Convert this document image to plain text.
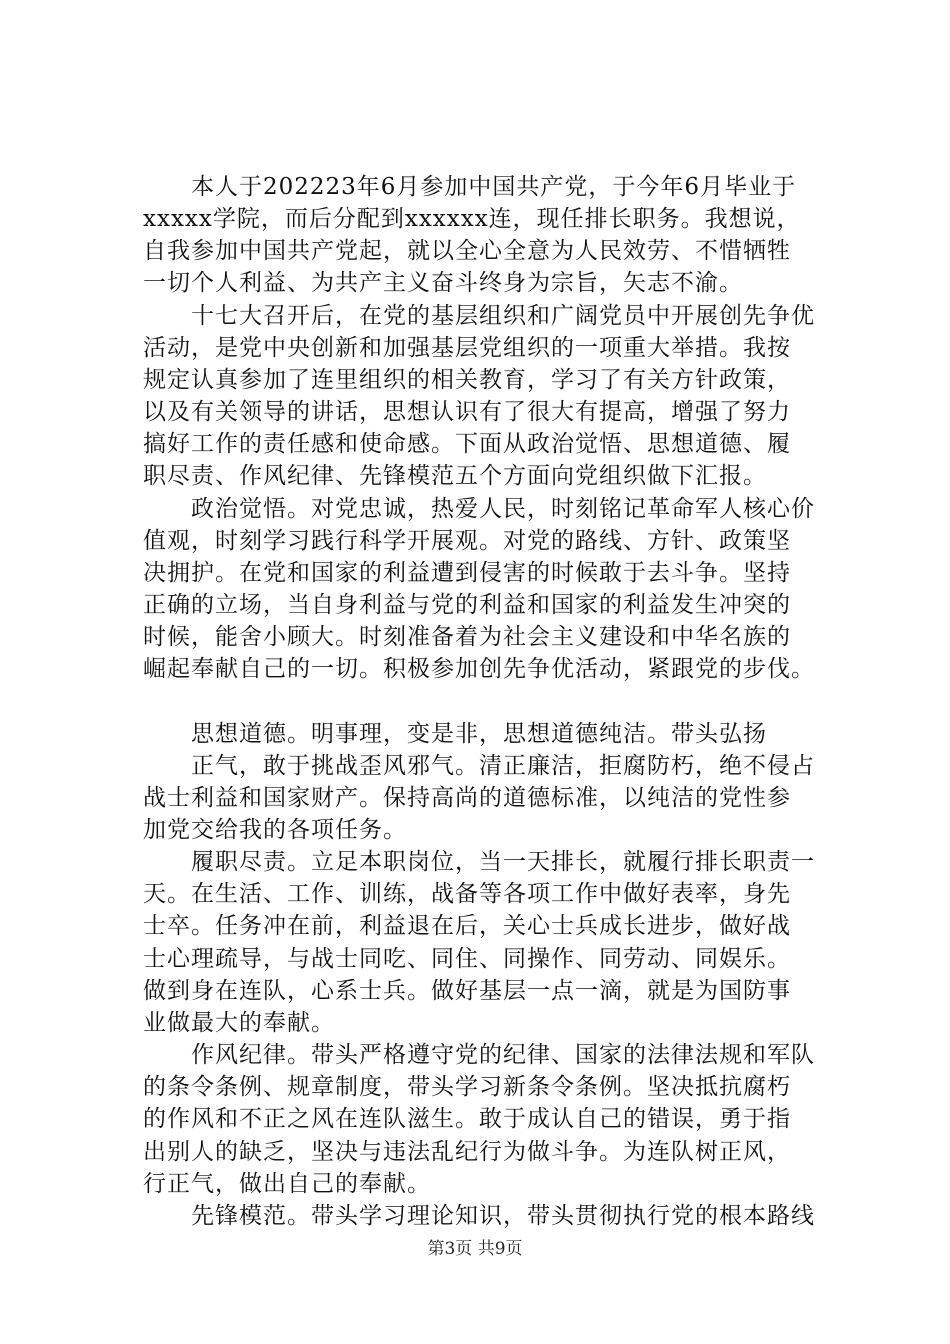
　　本人于202223年6月参加中国共产党，于今年6月毕业于
xxxxx学院，而后分配到xxxxxx连，现任排长职务。我想说，
自我参加中国共产党起，就以全心全意为人民效劳、不惜牺牲
一切个人利益、为共产主义奋斗终身为宗旨，矢志不渝。
　　十七大召开后，在党的基层组织和广阔党员中开展创先争优
活动，是党中央创新和加强基层党组织的一项重大举措。我按
规定认真参加了连里组织的相关教育，学习了有关方针政策，
以及有关领导的讲话，思想认识有了很大有提高，增强了努力
搞好工作的责任感和使命感。下面从政治觉悟、思想道德、履
职尽责、作风纪律、先锋模范五个方面向党组织做下汇报。
　　政治觉悟。对党忠诚，热爱人民，时刻铭记革命军人核心价
值观，时刻学习践行科学开展观。对党的路线、方针、政策坚
决拥护。在党和国家的利益遭到侵害的时候敢于去斗争。坚持
正确的立场，当自身利益与党的利益和国家的利益发生冲突的
时候，能舍小顾大。时刻准备着为社会主义建设和中华名族的
崛起奉献自己的一切。积极参加创先争优活动，紧跟党的步伐。
　　思想道德。明事理，变是非，思想道德纯洁。带头弘扬
　　正气，敢于挑战歪风邪气。清正廉洁，拒腐防朽，绝不侵占
战士利益和国家财产。保持高尚的道德标准，以纯洁的党性参
加党交给我的各项任务。
　　履职尽责。立足本职岗位，当一天排长，就履行排长职责一
天。在生活、工作、训练，战备等各项工作中做好表率，身先
士卒。任务冲在前，利益退在后，关心士兵成长进步，做好战
士心理疏导，与战士同吃、同住、同操作、同劳动、同娱乐。
做到身在连队，心系士兵。做好基层一点一滴，就是为国防事
业做最大的奉献。
　　作风纪律。带头严格遵守党的纪律、国家的法律法规和军队
的条令条例、规章制度，带头学习新条令条例。坚决抵抗腐朽
的作风和不正之风在连队滋生。敢于成认自己的错误，勇于指
出别人的缺乏，坚决与违法乱纪行为做斗争。为连队树正风，
行正气，做出自己的奉献。
　　先锋模范。带头学习理论知识，带头贯彻执行党的根本路线
第3页 共9页
